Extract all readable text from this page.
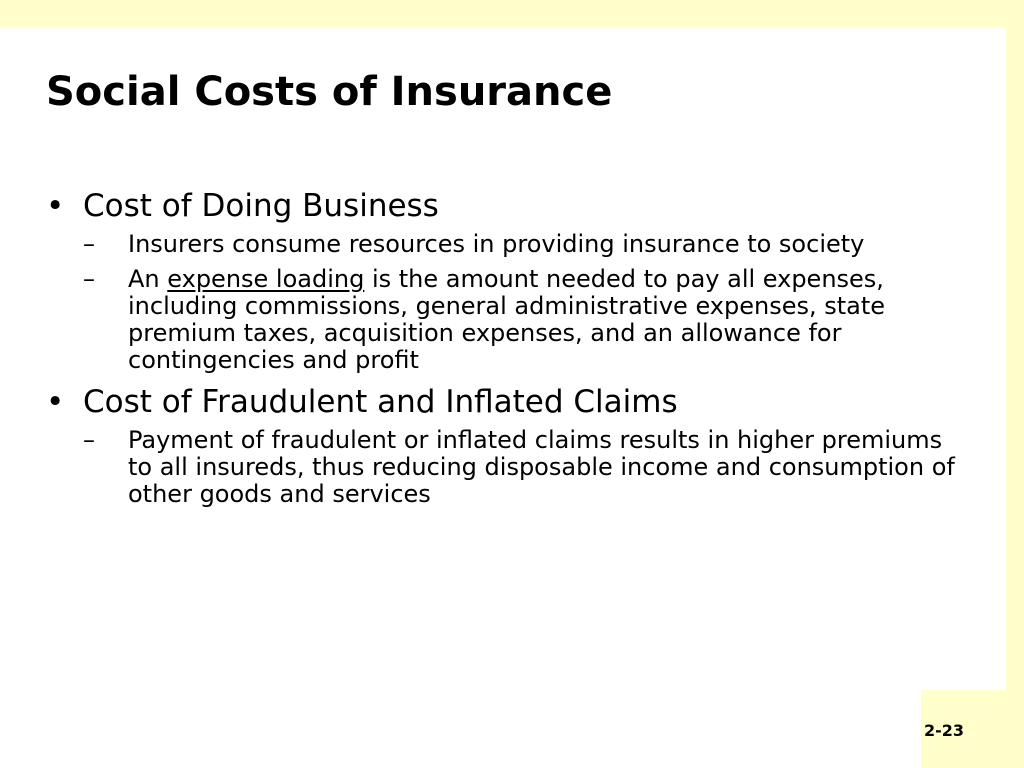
Social Costs of Insurance
• Cost of Doing Business
–	Insurers consume resources in providing insurance to society
–	An expense loading is the amount needed to pay all expenses, including commissions, general administrative expenses, state premium taxes, acquisition expenses, and an allowance for contingencies and profit
• Cost of Fraudulent and Inflated Claims
–	Payment of fraudulent or inflated claims results in higher premiums to all insureds, thus reducing disposable income and consumption of other goods and services
2-23
